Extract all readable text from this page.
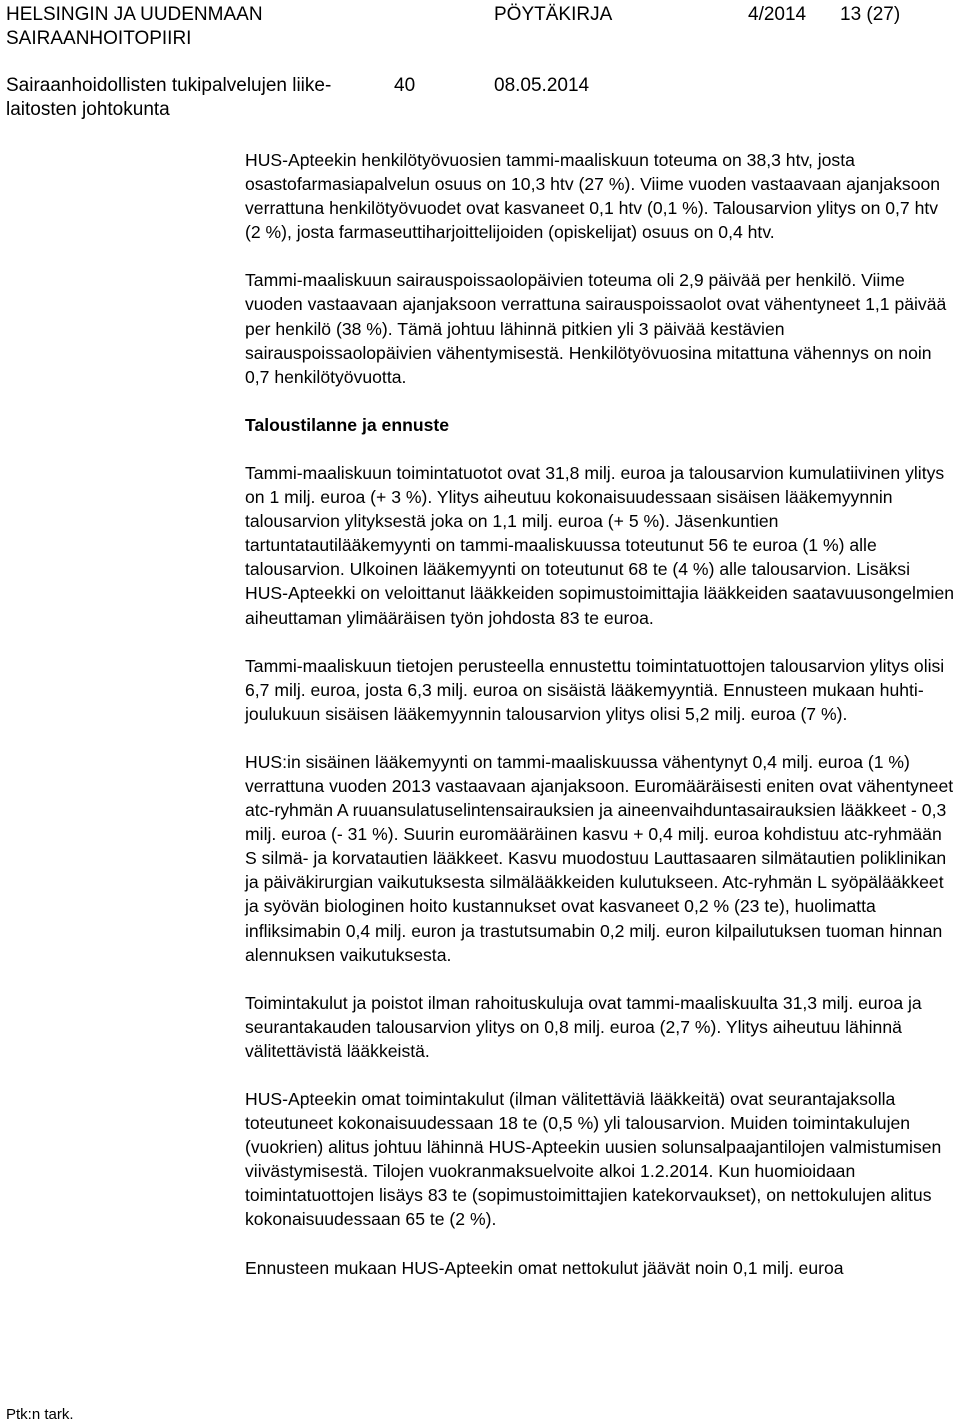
HELSINGIN JA UUDENMAAN
SAIRAANHOITOPIIRI
PÖYTÄKIRJA	4/2014 13 (27)
Sairaanhoidollisten tukipalvelujen liike-
laitosten johtokunta
40	08.05.2014

HUS-Apteekin henkilötyövuosien tammi-maaliskuun toteuma on 38,3 htv, josta osastofarmasiapalvelun osuus on 10,3 htv (27 %). Viime vuoden vastaavaan ajanjaksoon verrattuna henkilötyövuodet ovat kasvaneet 0,1 htv (0,1 %). Talousarvion ylitys on 0,7 htv (2 %), josta farmaseuttiharjoittelijoiden (opiskelijat) osuus on 0,4 htv.

Tammi-maaliskuun sairauspoissaolopäivien toteuma oli 2,9 päivää per henkilö. Viime vuoden vastaavaan ajanjaksoon verrattuna sairauspoissaolot ovat vähentyneet 1,1 päivää per henkilö (38 %). Tämä johtuu lähinnä pitkien yli 3 päivää kestävien sairauspoissaolopäivien vähentymisestä. Henkilötyövuosina mitattuna vähennys on noin 0,7 henkilötyövuotta.

Taloustilanne ja ennuste

Tammi-maaliskuun toimintatuotot ovat 31,8 milj. euroa ja talousarvion kumulatiivinen ylitys on 1 milj. euroa (+ 3 %). Ylitys aiheutuu kokonaisuudessaan sisäisen lääkemyynnin talousarvion ylityksestä joka on 1,1 milj. euroa (+ 5 %). Jäsenkuntien tartuntatautilääkemyynti on tammi-maaliskuussa toteutunut 56 te euroa (1 %) alle talousarvion. Ulkoinen lääkemyynti on toteutunut 68 te (4 %) alle talousarvion. Lisäksi HUS-Apteekki on veloittanut lääkkeiden sopimustoimittajia lääkkeiden saatavuusongelmien aiheuttaman ylimääräisen työn johdosta 83 te euroa.

Tammi-maaliskuun tietojen perusteella ennustettu toimintatuottojen talousarvion ylitys olisi 6,7 milj. euroa, josta 6,3 milj. euroa on sisäistä lääkemyyntiä. Ennusteen mukaan huhti-joulukuun sisäisen lääkemyynnin talousarvion ylitys olisi 5,2 milj. euroa (7 %).

HUS:in sisäinen lääkemyynti on tammi-maaliskuussa vähentynyt 0,4 milj. euroa (1 %) verrattuna vuoden 2013 vastaavaan ajanjaksoon. Euromääräisesti eniten ovat vähentyneet atc-ryhmän A ruuansulatuselintensairauksien ja aineenvaihduntasairauksien lääkkeet - 0,3 milj. euroa (- 31 %). Suurin euromääräinen kasvu + 0,4 milj. euroa kohdistuu atc-ryhmään S silmä- ja korvatautien lääkkeet. Kasvu muodostuu Lauttasaaren silmätautien poliklinikan ja päiväkirurgian vaikutuksesta silmälääkkeiden kulutukseen. Atc-ryhmän L syöpälääkkeet ja syövän biologinen hoito kustannukset ovat kasvaneet 0,2 % (23 te), huolimatta infliksimabin 0,4 milj. euron ja trastutsumabin 0,2 milj. euron kilpailutuksen tuoman hinnan alennuksen vaikutuksesta.

Toimintakulut ja poistot ilman rahoituskuluja ovat tammi-maaliskuulta 31,3 milj. euroa ja seurantakauden talousarvion ylitys on 0,8 milj. euroa (2,7 %). Ylitys aiheutuu lähinnä välitettävistä lääkkeistä.

HUS-Apteekin omat toimintakulut (ilman välitettäviä lääkkeitä) ovat seurantajaksolla toteutuneet kokonaisuudessaan 18 te (0,5 %) yli talousarvion. Muiden toimintakulujen (vuokrien) alitus johtuu lähinnä HUS-Apteekin uusien solunsalpaajantilojen valmistumisen viivästymisestä. Tilojen vuokranmaksuelvoite alkoi 1.2.2014. Kun huomioidaan toimintatuottojen lisäys 83 te (sopimustoimittajien katekorvaukset), on nettokulujen alitus kokonaisuudessaan 65 te (2 %).

Ennusteen mukaan HUS-Apteekin omat nettokulut jäävät noin 0,1 milj. euroa

Ptk:n tark.
